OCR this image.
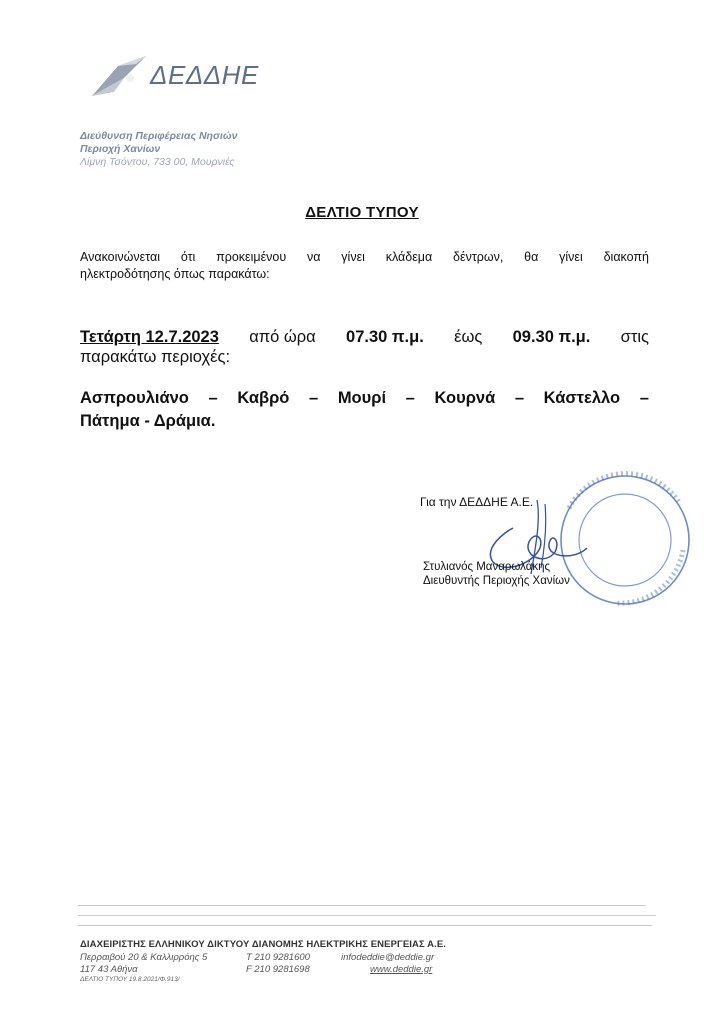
ΔΕΔΔΗΕ
Διεύθυνση Περιφέρειας Νησιών
Περιοχή Χανίων
Λίμνη Τσόντου, 733 00, Μουρνιές
ΔΕΛΤΙΟ ΤΥΠΟΥ
Ανακοινώνεται ότι προκειμένου να γίνει κλάδεμα δέντρων, θα γίνει διακοπή
ηλεκτροδότησης όπως παρακάτω:
Τετάρτη 12.7.2023 από ώρα 07.30 π.μ. έως 09.30 π.μ. στις
παρακάτω περιοχές:
Ασπρουλιάνο – Καβρό – Μουρί – Κουρνά – Κάστελλο –
Πάτημα - Δράμια.
Για την ΔΕΔΔΗΕ Α.Ε.
Στυλιανός Μαναρωλάκης
Διευθυντής Περιοχής Χανίων
ΔΙΑΧΕΙΡΙΣΤΗΣ ΕΛΛΗΝΙΚΟΥ ΔΙΚΤΥΟΥ ΔΙΑΝΟΜΗΣ ΗΛΕΚΤΡΙΚΗΣ ΕΝΕΡΓΕΙΑΣ Α.Ε.
Περραιβού 20 & Καλλιρρόης 5
117 43 Αθήνα
T 210 9281600
F 210 9281698
infodeddie@deddie.gr
www.deddie.gr
ΔΕΛΤΙΟ ΤΥΠΟΥ 19.8.2021/Φ.913/
